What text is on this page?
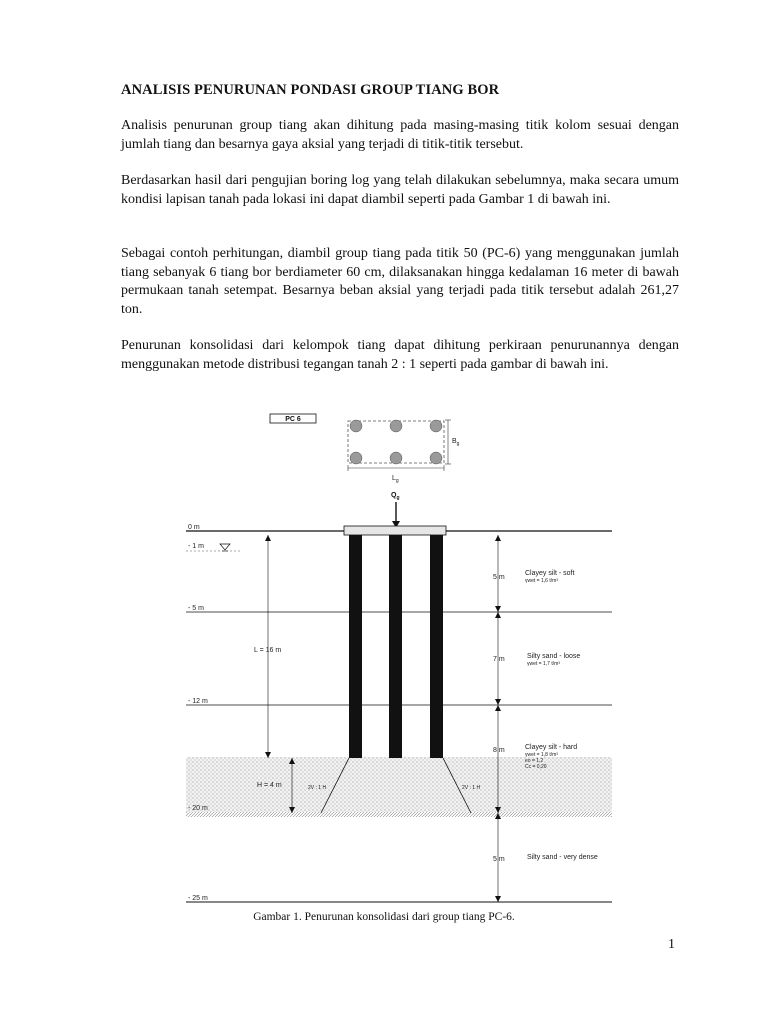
ANALISIS PENURUNAN PONDASI GROUP TIANG BOR
Analisis penurunan group tiang akan dihitung pada masing-masing titik kolom sesuai dengan jumlah tiang dan besarnya gaya aksial yang terjadi di titik-titik tersebut.
Berdasarkan hasil dari pengujian boring log yang telah dilakukan sebelumnya, maka secara umum kondisi lapisan tanah pada lokasi ini dapat diambil seperti pada Gambar 1 di bawah ini.
Sebagai contoh perhitungan, diambil group tiang pada titik 50 (PC-6) yang menggunakan jumlah tiang sebanyak 6 tiang bor berdiameter 60 cm, dilaksanakan hingga kedalaman 16 meter di bawah permukaan tanah setempat. Besarnya beban aksial yang terjadi pada titik tersebut adalah 261,27 ton.
Penurunan konsolidasi dari kelompok tiang dapat dihitung perkiraan penurunannya dengan menggunakan metode distribusi tegangan tanah 2 : 1 seperti pada gambar di bawah ini.
PC 6
$B_g$
$L_g$
$Q_g$
0 m
- 1 m
- 5 m
- 12 m
- 20 m
- 25 m
2V : 1 H	2V : 1 H
L = 16 m
H = 4 m
5 m
Clayey silt - soft
γwet = 1,6 t/m³
7 m	Silty sand - loose
γwet = 1,7 t/m³
8 m	Clayey silt - hard
γwet = 1,8 t/m³
eo = 1,2
Cc = 0,20
5 m	Silty sand - very dense
Gambar 1. Penurunan konsolidasi dari group tiang PC-6.
1
